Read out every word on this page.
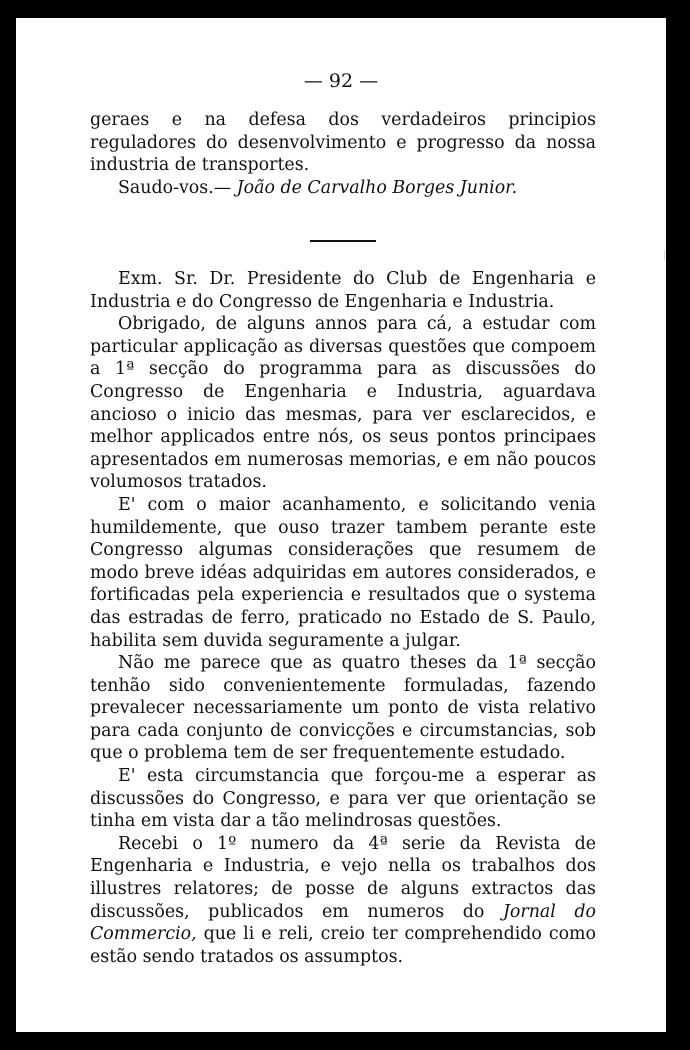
— 92 —

geraes e na defesa dos verdadeiros principios reguladores do desenvolvimento e progresso da nossa industria de transportes.

Saudo-vos.— João de Carvalho Borges Junior.

Exm. Sr. Dr. Presidente do Club de Engenharia e Industria e do Congresso de Engenharia e Industria.

Obrigado, de alguns annos para cá, a estudar com particular applicação as diversas questões que compoem a 1ª secção do programma para as discussões do Congresso de Engenharia e Industria, aguardava ancioso o inicio das mesmas, para ver esclarecidos, e melhor applicados entre nós, os seus pontos principaes apresentados em numerosas memorias, e em não poucos volumosos tratados.

E' com o maior acanhamento, e solicitando venia humildemente, que ouso trazer tambem perante este Congresso algumas considerações que resumem de modo breve idéas adquiridas em autores considerados, e fortificadas pela experiencia e resultados que o systema das estradas de ferro, praticado no Estado de S. Paulo, habilita sem duvida seguramente a julgar.

Não me parece que as quatro theses da 1ª secção tenhão sido convenientemente formuladas, fazendo prevalecer necessariamente um ponto de vista relativo para cada conjunto de convicções e circumstancias, sob que o problema tem de ser frequentemente estudado.

E' esta circumstancia que forçou-me a esperar as discussões do Congresso, e para ver que orientação se tinha em vista dar a tão melindrosas questões.

Recebi o 1º numero da 4ª serie da Revista de Engenharia e Industria, e vejo nella os trabalhos dos illustres relatores; de posse de alguns extractos das discussões, publicados em numeros do Jornal do Commercio, que li e reli, creio ter comprehendido como estão sendo tratados os assumptos.
